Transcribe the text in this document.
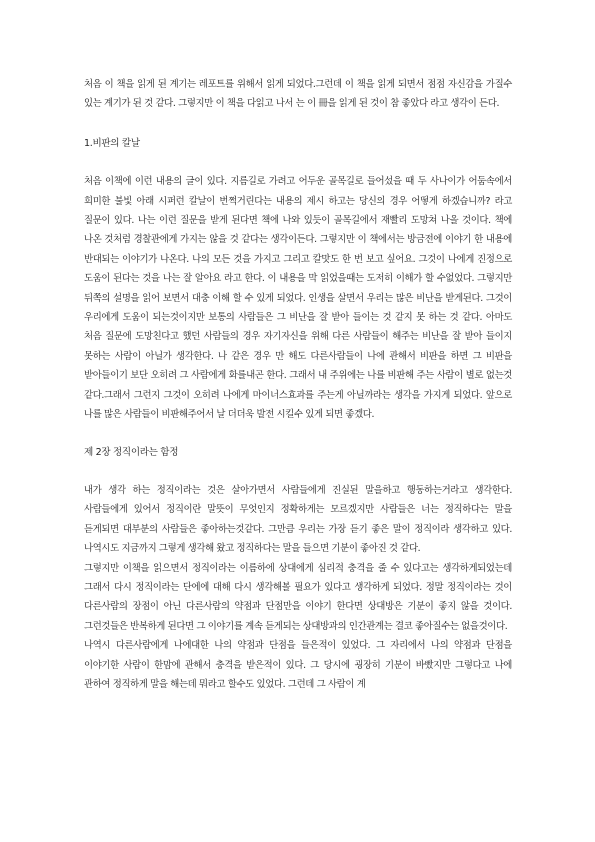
처음 이 책을 읽게 된 계기는 레포트를 위해서 읽게 되었다.그런데 이 책을 읽게 되면서 점점 자신감을 가질수 있는 계기가 된 것 같다. 그렇지만 이 책을 다읽고 나서 는 이 冊을 읽게 된 것이 참 좋았다 라고 생각이 든다.

1.비판의 칼날

처음 이책에 이런 내용의 글이 있다. 지름길로 가려고 어두운 골목길로 들어섰을 때 두 사나이가 어둠속에서 희미한 불빛 아래 시퍼런 칼날이 번쩍거린다는 내용의 제시 하고는 당신의 경우 어떻게 하겠습니까? 라고 질문이 있다. 나는 이런 질문을 받게 된다면 책에 나와 있듯이 골목길에서 재빨리 도망쳐 나올 것이다. 책에 나온 것처럼 경찰관에게 가지는 않을 것 같다는 생각이든다. 그렇지만 이 책에서는 방금전에 이야기 한 내용에 반대되는 이야기가 나온다. 나의 모든 것을 가지고 그리고 칼맛도 한 번 보고 싶어요. 그것이 나에게 진정으로 도움이 된다는 것을 나는 잘 알아요 라고 한다. 이 내용을 막 읽었을때는 도저히 이해가 할 수없었다. 그렇지만 뒤쪽의 설명을 읽어 보면서 대충 이해 할 수 있게 되었다. 인생을 살면서 우리는 많은 비난을 받게된다. 그것이 우리에게 도움이 되는것이지만 보통의 사람들은 그 비난을 잘 받아 들이는 것 같지 못 하는 것 같다. 아마도 처음 질문에 도망친다고 했던 사람들의 경우 자기자신을 위해 다른 사람들이 해주는 비난을 잘 받아 들이지 못하는 사람이 아닐가 생각한다. 나 같은 경우 만 해도 다른사람들이 나에 관해서 비판을 하면 그 비판을 받아들이기 보단 오히려 그 사람에게 화를내곤 한다. 그래서 내 주위에는 나를 비판해 주는 사람이 별로 없는것 같다.그래서 그런지 그것이 오히려 나에게 마이너스효과를 주는게 아닐까라는 생각을 가지게 되었다. 앞으로 나를 많은 사람들이 비판해주어서 날 더더욱 발전 시킬수 있게 되면 좋겠다.

제 2장 정직이라는 함정

내가 생각 하는 정직이라는 것은 살아가면서 사람들에게 진실된 말을하고 행동하는거라고 생각한다. 사람들에게 있어서 정직이란 말뜻이 무엇인지 정확하게는 모르겠지만 사람들은 너는 정직하다는 말을 듣게되면 대부분의 사람들은 좋아하는것같다. 그만큼 우리는 가장 듣기 좋은 말이 정직이라 생각하고 있다. 나역시도 지금까지 그렇게 생각해 왔고 정직하다는 말을 들으면 기분이 좋아진 것 같다.

그렇지만 이책을 읽으면서 정직이라는 이름하에 상대에게 심리적 충격을 줄 수 있다고는 생각하게되었는데 그래서 다시 정직이라는 단에에 대해 다시 생각해볼 필요가 있다고 생각하게 되었다. 정말 정직이라는 것이 다른사람의 장점이 아닌 다른사람의 약점과 단점만을 이야기 한다면 상대방은 기분이 좋지 않을 것이다. 그런것들은 반복하게 된다면 그 이야기를 계속 듣게되는 상대방과의 인간관계는 결코 좋아질수는 없을것이다.

나역시 다른사람에게 나에대한 나의 약점과 단점을 들은적이 있었다. 그 자리에서 나의 약점과 단점을 이야기한 사람이 한맘에 관해서 충격을 받은적이 있다. 그 당시에 굉장히 기분이 바빴지만 그렇다고 나에 관하여 정직하게 말을 해는데 뭐라고 할수도 있었다. 그런데 그 사람이 계
